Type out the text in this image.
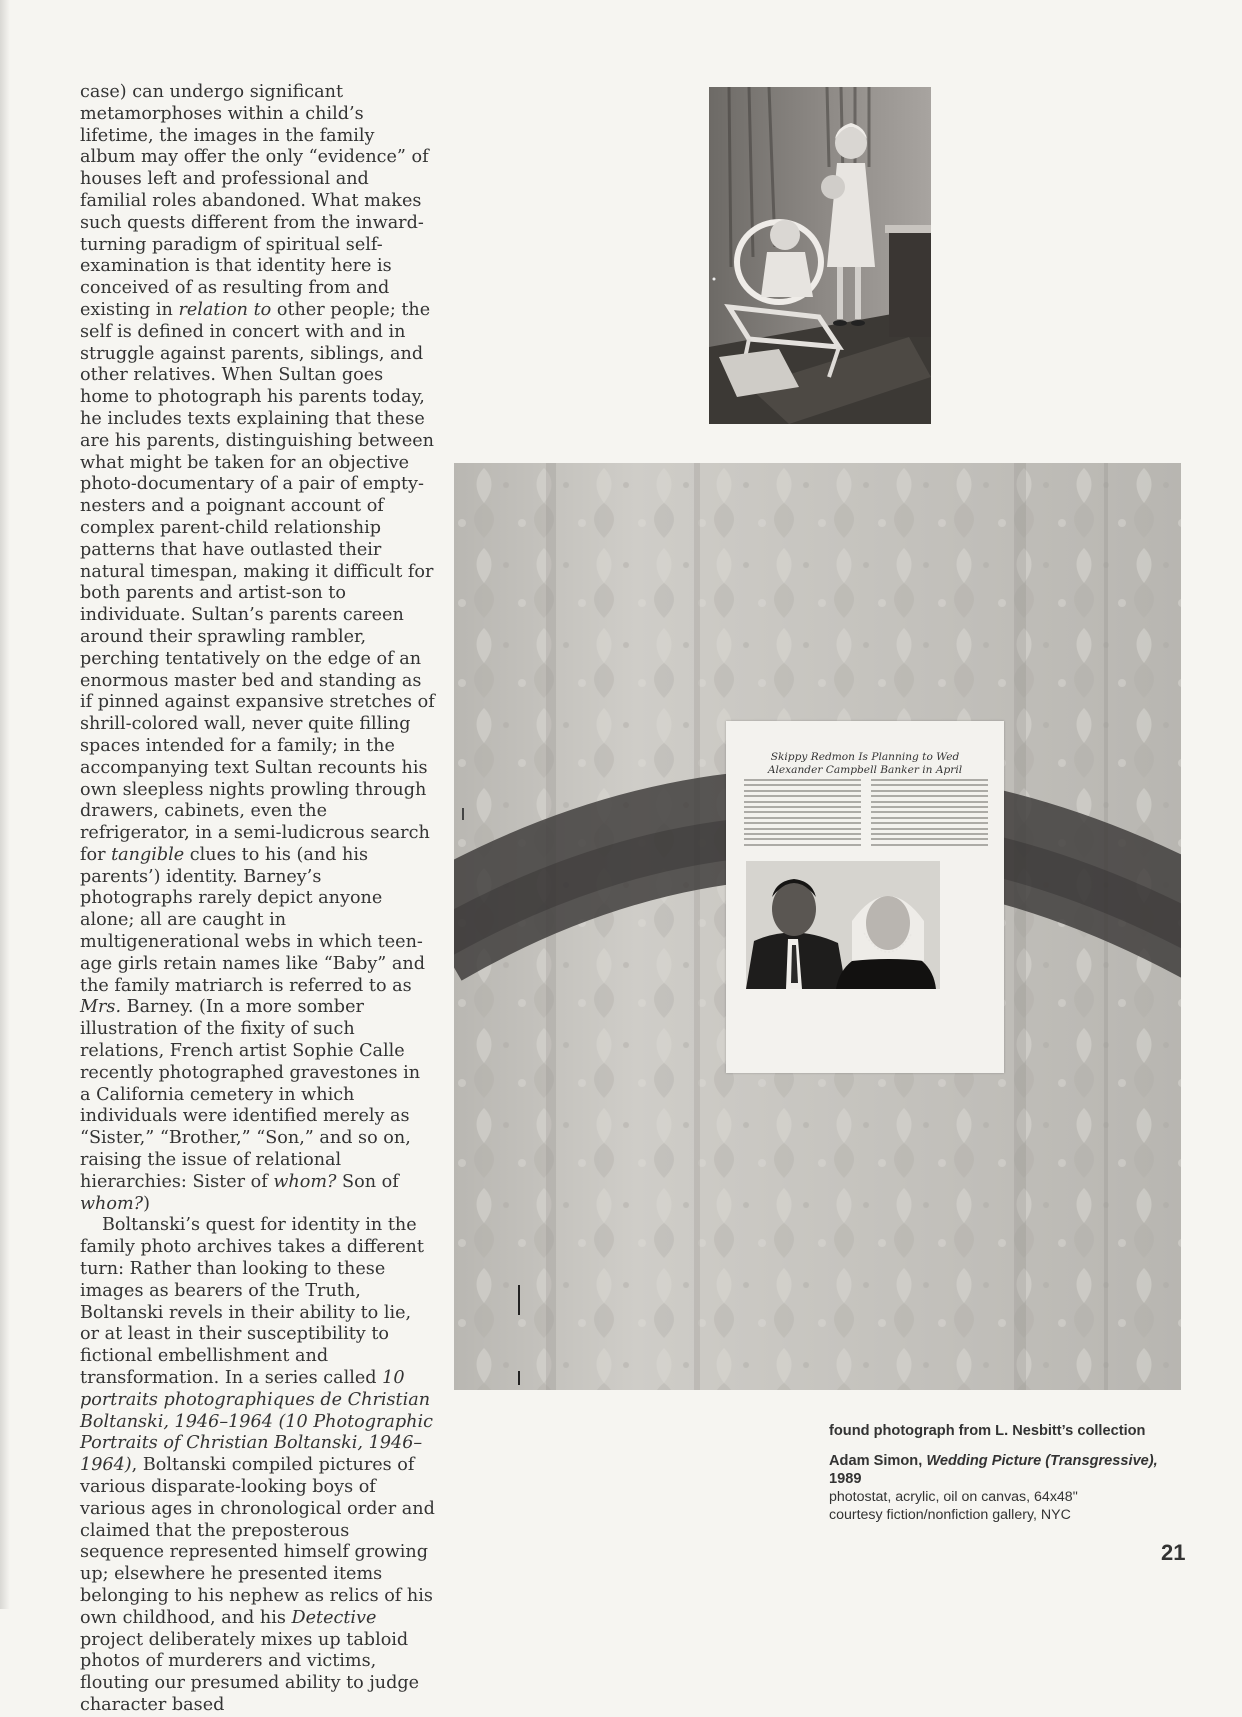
case) can undergo significant metamorphoses within a child’s lifetime, the images in the family album may offer the only “evidence” of houses left and professional and familial roles abandoned. What makes such quests different from the inward-turning paradigm of spiritual self-examination is that identity here is conceived of as resulting from and existing in relation to other people; the self is defined in concert with and in struggle against parents, siblings, and other relatives. When Sultan goes home to photograph his parents today, he includes texts explaining that these are his parents, distinguishing between what might be taken for an objective photo-documentary of a pair of empty-nesters and a poignant account of complex parent-child relationship patterns that have outlasted their natural timespan, making it difficult for both parents and artist-son to individuate. Sultan’s parents careen around their sprawling rambler, perching tentatively on the edge of an enormous master bed and standing as if pinned against expansive stretches of shrill-colored wall, never quite filling spaces intended for a family; in the accompanying text Sultan recounts his own sleepless nights prowling through drawers, cabinets, even the refrigerator, in a semi-ludicrous search for tangible clues to his (and his parents’) identity. Barney’s photographs rarely depict anyone alone; all are caught in multigenerational webs in which teen-age girls retain names like “Baby” and the family matriarch is referred to as Mrs. Barney. (In a more somber illustration of the fixity of such relations, French artist Sophie Calle recently photographed gravestones in a California cemetery in which individuals were identified merely as “Sister,” “Brother,” “Son,” and so on, raising the issue of relational hierarchies: Sister of whom? Son of whom?)

Boltanski’s quest for identity in the family photo archives takes a different turn: Rather than looking to these images as bearers of the Truth, Boltanski revels in their ability to lie, or at least in their susceptibility to fictional embellishment and transformation. In a series called 10 portraits photographiques de Christian Boltanski, 1946–1964 (10 Photographic Portraits of Christian Boltanski, 1946–1964), Boltanski compiled pictures of various disparate-looking boys of various ages in chronological order and claimed that the preposterous sequence represented himself growing up; elsewhere he presented items belonging to his nephew as relics of his own childhood, and his Detective project deliberately mixes up tabloid photos of murderers and victims, flouting our presumed ability to judge character based

Skippy Redmon Is Planning to Wed
Alexander Campbell Banker in April

found photograph from L. Nesbitt’s collection
Adam Simon, Wedding Picture (Transgressive),
1989
photostat, acrylic, oil on canvas, 64x48"
courtesy fiction/nonfiction gallery, NYC
21
